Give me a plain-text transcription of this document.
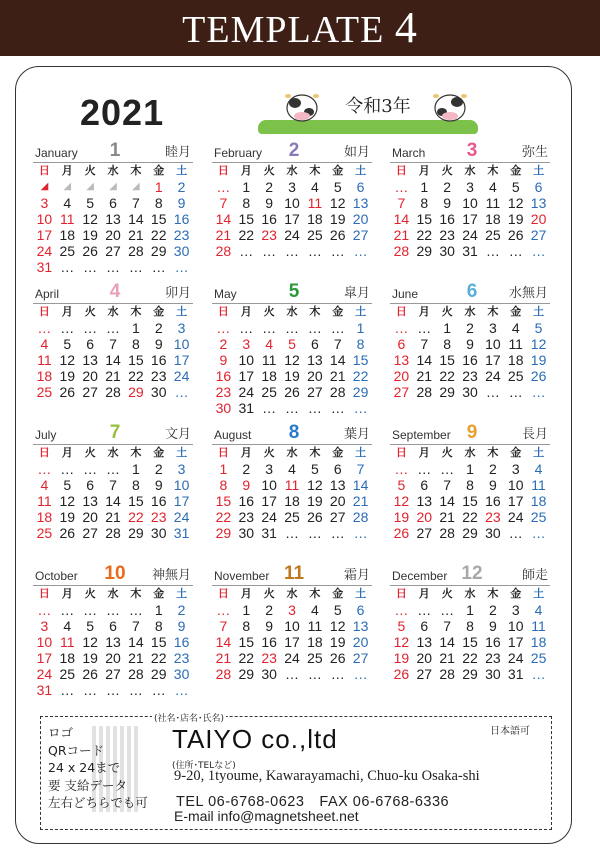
TEMPLATE 4
2021	令和3年
January	1	睦月
日	月	火	水	木	金	土
◢	◢	◢	◢	◢	1	2
3	4	5	6	7	8	9
10 11 12 13 14 15 16
17 18 19 20 21 22 23
24 25 26 27 28 29 30
31 … … … … … …
February	2	如月
日	月	火	水	木	金	土
… 1	2	3	4	5	6
7	8	9 10 11 12 13
14 15 16 17 18 19 20
21 22 23 24 25 26 27
28 … … … … … …
March	3	弥生
日	月	火	水	木	金	土
… 1	2	3	4	5	6
7	8	9 10 11 12 13
14 15 16 17 18 19 20
21 22 23 24 25 26 27
28 29 30 31 … … …
April	4	卯月
日	月	火	水	木	金	土
… … … … 1	2	3
4	5	6	7	8	9 10
11 12 13 14 15 16 17
18 19 20 21 22 23 24
25 26 27 28 29 30 …
May	5	皐月
日	月	火	水	木	金	土
… … … … … … 1
2	3	4	5	6	7	8
9 10 11 12 13 14 15
16 17 18 19 20 21 22
23 24 25 26 27 28 29
30 31 … … … … …
June	6	水無月
日	月	火	水	木	金	土
… … 1	2	3	4	5
6	7	8	9 10 11 12
13 14 15 16 17 18 19
20 21 22 23 24 25 26
27 28 29 30 … … …
July	7	文月
日	月	火	水	木	金	土
… … … … 1	2	3
4	5	6	7	8	9 10
11 12 13 14 15 16 17
18 19 20 21 22 23 24
25 26 27 28 29 30 31
August	8	葉月
日	月	火	水	木	金	土
1	2	3	4	5	6	7
8	9 10 11 12 13 14
15 16 17 18 19 20 21
22 23 24 25 26 27 28
29 30 31 … … … …
September 9	長月
日	月	火	水	木	金	土
… … … 1	2	3	4
5	6	7	8	9 10 11
12 13 14 15 16 17 18
19 20 21 22 23 24 25
26 27 28 29 30 … …
October 10 神無月
日	月	火	水	木	金	土
… … … … … 1	2
3	4	5	6	7	8	9
10 11 12 13 14 15 16
17 18 19 20 21 22 23
24 25 26 27 28 29 30
31 … … … … … …
November 11	霜月
日	月	火	水	木	金	土
… 1	2	3	4	5	6
7	8	9 10 11 12 13
14 15 16 17 18 19 20
21 22 23 24 25 26 27
28 29 30 … … … …
December 12	師走
日	月	火	水	木	金	土
… … … 1	2	3	4
5	6	7	8	9 10 11
12 13 14 15 16 17 18
19 20 21 22 23 24 25
26 27 28 29 30 31 …
(社名･店名･氏名)
ロゴ
QRコード
24 x 24まで
要 支給データ
左右どちらでも可
TAIYO co.,ltd	日本語可
(住所･TELなど)
9-20, 1tyoume, Kawarayamachi, Chuo-ku Osaka-shi
TEL 06-6768-0623　FAX 06-6768-6336
E-mail info@magnetsheet.net
